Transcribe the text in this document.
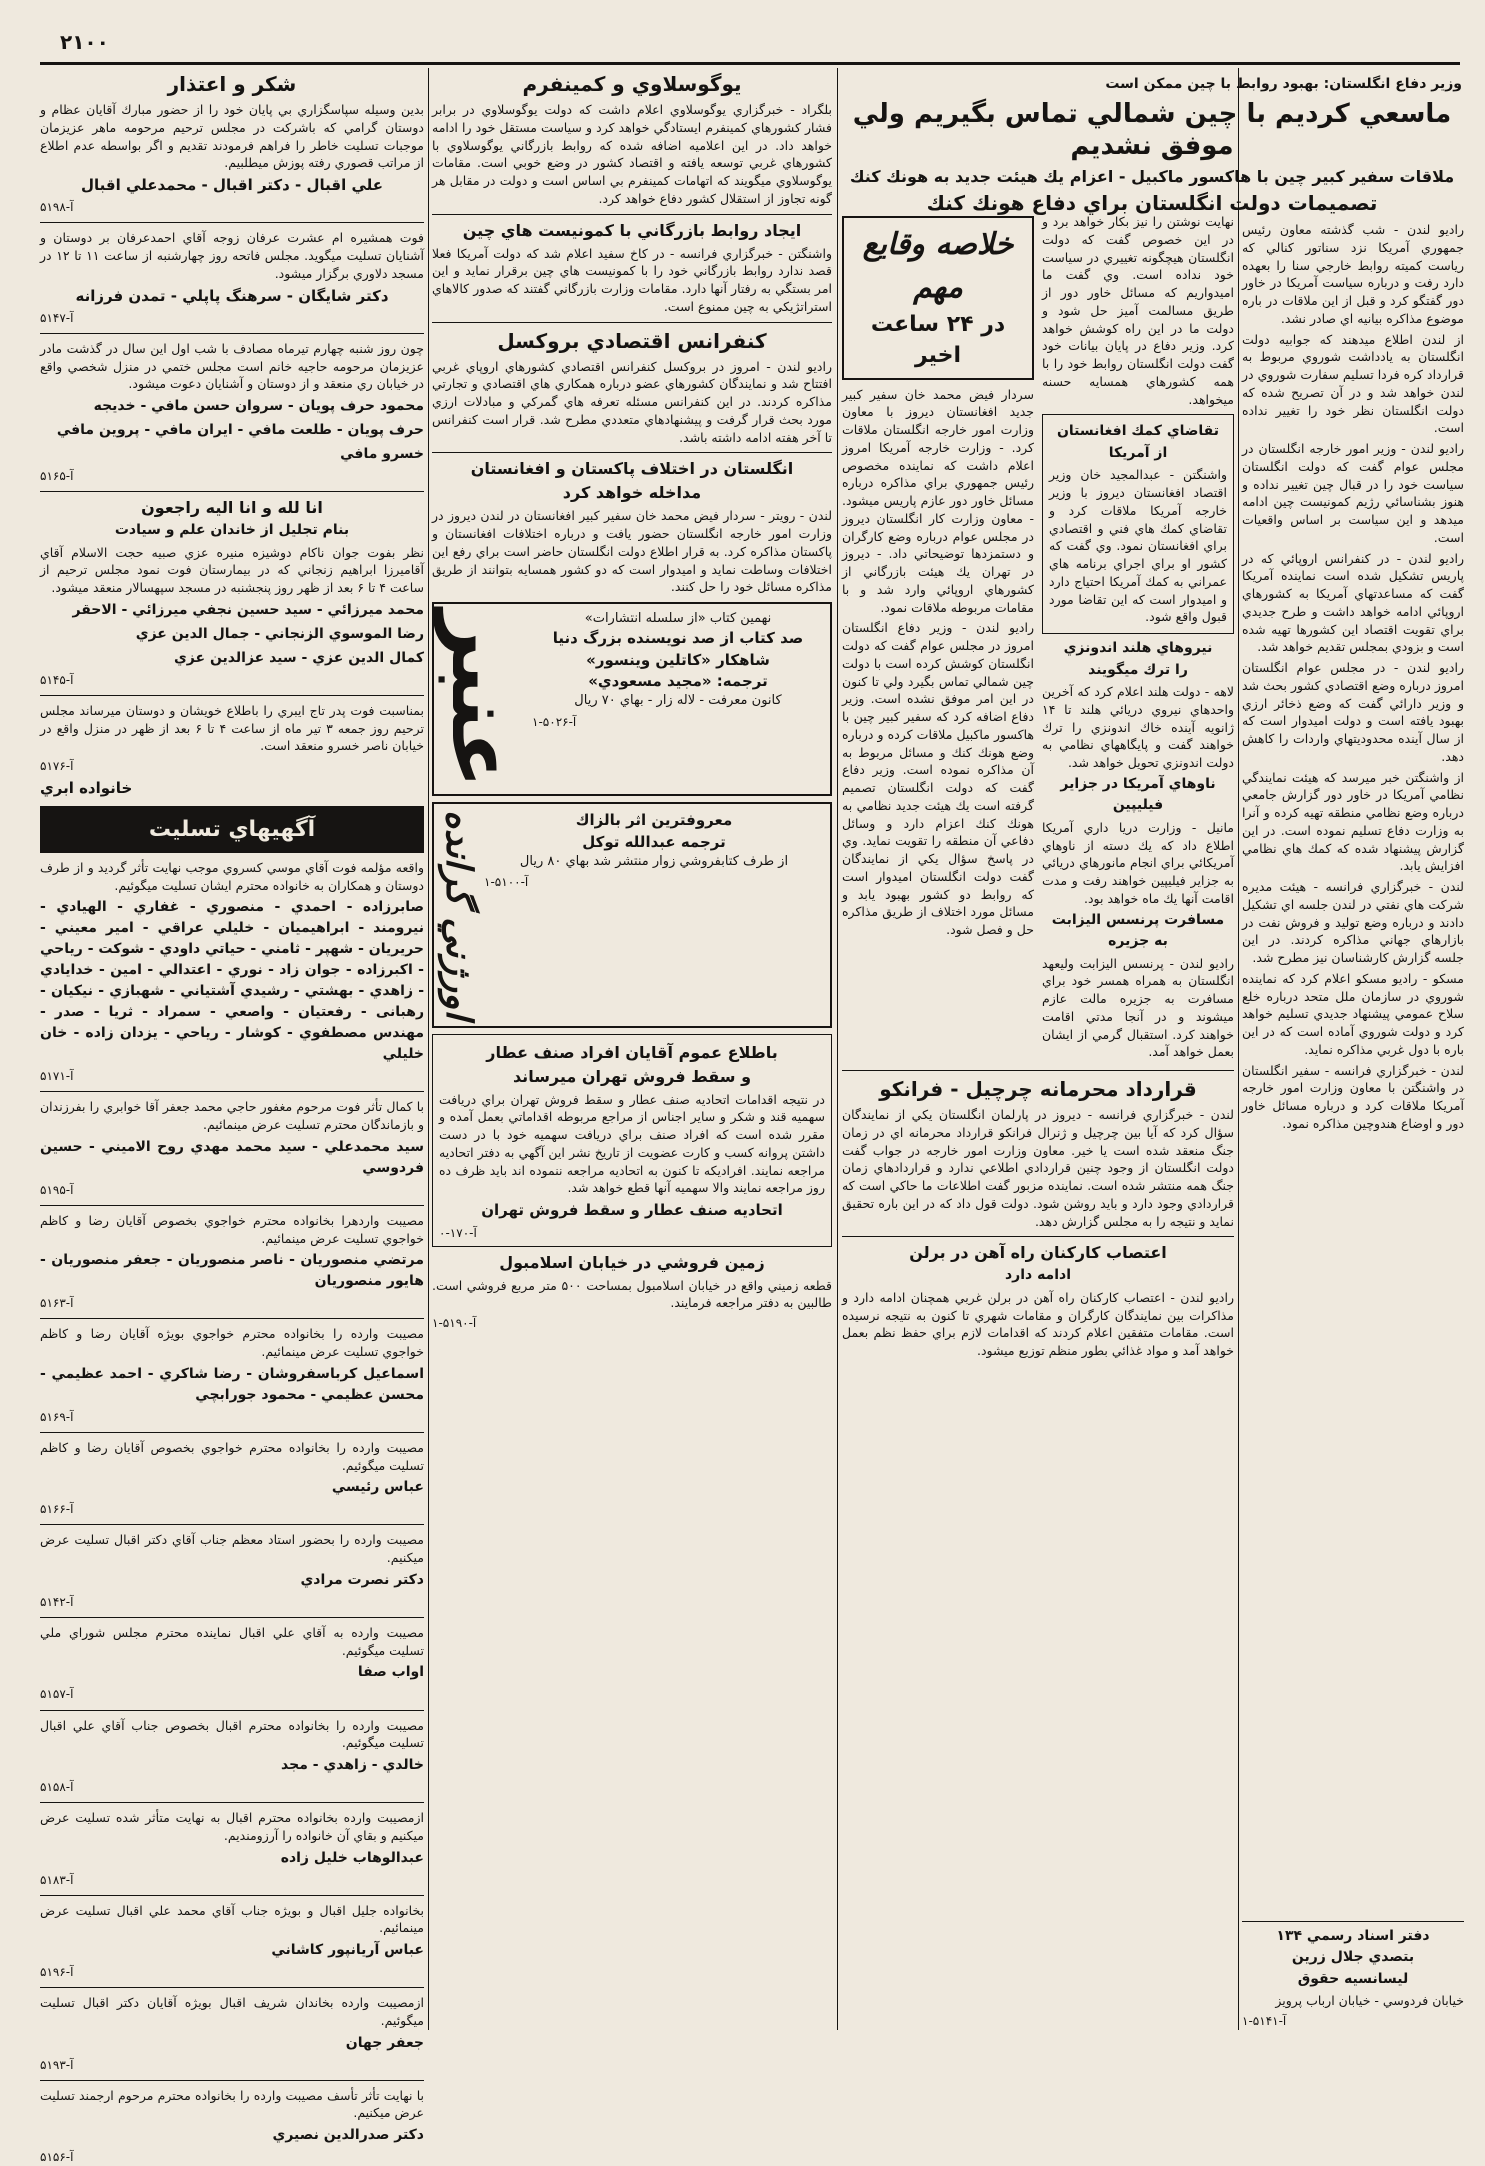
۲۱۰۰

راديو لندن - شب گذشته معاون رئيس جمهوري آمريكا نزد سناتور كنالي كه رياست كميته روابط خارجي سنا را بعهده دارد رفت و درباره سياست آمريكا در خاور دور گفتگو كرد و قبل از اين ملاقات در باره موضوع مذاكره بيانيه اي صادر نشد.

از لندن اطلاع ميدهند كه جوابيه دولت انگلستان به يادداشت شوروي مربوط به قرارداد كره فردا تسليم سفارت شوروي در لندن خواهد شد و در آن تصريح شده كه دولت انگلستان نظر خود را تغيير نداده است.

راديو لندن - وزير امور خارجه انگلستان در مجلس عوام گفت كه دولت انگلستان سياست خود را در قبال چين تغيير نداده و هنوز بشناسائي رژيم كمونيست چين ادامه ميدهد و اين سياست بر اساس واقعيات است.

راديو لندن - در كنفرانس اروپائي كه در پاريس تشكيل شده است نماينده آمريكا گفت كه مساعدتهاي آمريكا به كشورهاي اروپائي ادامه خواهد داشت و طرح جديدي براي تقويت اقتصاد اين كشورها تهيه شده است و بزودي بمجلس تقديم خواهد شد.

راديو لندن - در مجلس عوام انگلستان امروز درباره وضع اقتصادي كشور بحث شد و وزير دارائي گفت كه وضع ذخائر ارزي بهبود يافته است و دولت اميدوار است كه از سال آينده محدوديتهاي واردات را كاهش دهد.

از واشنگتن خبر ميرسد كه هيئت نمايندگي نظامي آمريكا در خاور دور گزارش جامعي درباره وضع نظامي منطقه تهيه كرده و آنرا به وزارت دفاع تسليم نموده است. در اين گزارش پيشنهاد شده كه كمك هاي نظامي افزايش يابد.

لندن - خبرگزاري فرانسه - هيئت مديره شركت هاي نفتي در لندن جلسه اي تشكيل دادند و درباره وضع توليد و فروش نفت در بازارهاي جهاني مذاكره كردند. در اين جلسه گزارش كارشناسان نيز مطرح شد.

مسكو - راديو مسكو اعلام كرد كه نماينده شوروي در سازمان ملل متحد درباره خلع سلاح عمومي پيشنهاد جديدي تسليم خواهد كرد و دولت شوروي آماده است كه در اين باره با دول غربي مذاكره نمايد.

لندن - خبرگزاري فرانسه - سفير انگلستان در واشنگتن با معاون وزارت امور خارجه آمريكا ملاقات كرد و درباره مسائل خاور دور و اوضاع هندوچين مذاكره نمود.

دفتر اسناد رسمي ۱۳۴
بتصدي جلال زرين
ليسانسيه حقوق
خيابان فردوسي - خيابان ارباب پرويز
آ-۵۱۴۱-۱
وزير دفاع انگلستان: بهبود روابط با چين ممكن است
ماسعي كرديم با چين شمالي تماس بگيريم ولي موفق نشديم
ملاقات سفير كبير چين با هاكسور ماكبيل - اعزام يك هيئت جديد به هونك كنك
تصميمات دولت انگلستان براي دفاع هونك كنك

نهايت نوشتن را نيز بكار خواهد برد و در اين خصوص گفت كه دولت انگلستان هيچگونه تغييري در سياست خود نداده است. وي گفت ما اميدواريم كه مسائل خاور دور از طريق مسالمت آميز حل شود و دولت ما در اين راه كوشش خواهد كرد. وزير دفاع در پايان بيانات خود گفت دولت انگلستان روابط خود را با همه كشورهاي همسايه حسنه ميخواهد.

تقاضاي كمك افغانستان
از آمريكا

واشنگتن - عبدالمجيد خان وزير اقتصاد افغانستان ديروز با وزير خارجه آمريكا ملاقات كرد و تقاضاي كمك هاي فني و اقتصادي براي افغانستان نمود. وي گفت كه كشور او براي اجراي برنامه هاي عمراني به كمك آمريكا احتياج دارد و اميدوار است كه اين تقاضا مورد قبول واقع شود.

نيروهاي هلند اندونزي
را ترك ميگويند

لاهه - دولت هلند اعلام كرد كه آخرين واحدهاي نيروي دريائي هلند تا ۱۴ ژانويه آينده خاك اندونزي را ترك خواهند گفت و پايگاههاي نظامي به دولت اندونزي تحويل خواهد شد.

ناوهاي آمريكا در جزاير
فيليپين

مانيل - وزارت دريا داري آمريكا اطلاع داد كه يك دسته از ناوهاي آمريكائي براي انجام مانورهاي دريائي به جزاير فيليپين خواهند رفت و مدت اقامت آنها يك ماه خواهد بود.

مسافرت پرنسس اليزابت
به جزيره

راديو لندن - پرنسس اليزابت وليعهد انگلستان به همراه همسر خود براي مسافرت به جزيره مالت عازم ميشوند و در آنجا مدتي اقامت خواهند كرد. استقبال گرمي از ايشان بعمل خواهد آمد.

خلاصه وقايع مهم
در ۲۴ ساعت اخير

سردار فيض محمد خان سفير كبير جديد افغانستان ديروز با معاون وزارت امور خارجه انگلستان ملاقات كرد. - وزارت خارجه آمريكا امروز اعلام داشت كه نماينده مخصوص رئيس جمهوري براي مذاكره درباره مسائل خاور دور عازم پاريس ميشود. - معاون وزارت كار انگلستان ديروز در مجلس عوام درباره وضع كارگران و دستمزدها توضيحاتي داد. - ديروز در تهران يك هيئت بازرگاني از كشورهاي اروپائي وارد شد و با مقامات مربوطه ملاقات نمود.

راديو لندن - وزير دفاع انگلستان امروز در مجلس عوام گفت كه دولت انگلستان كوشش كرده است با دولت چين شمالي تماس بگيرد ولي تا كنون در اين امر موفق نشده است. وزير دفاع اضافه كرد كه سفير كبير چين با هاكسور ماكبيل ملاقات كرده و درباره وضع هونك كنك و مسائل مربوط به آن مذاكره نموده است. وزير دفاع گفت كه دولت انگلستان تصميم گرفته است يك هيئت جديد نظامي به هونك كنك اعزام دارد و وسائل دفاعي آن منطقه را تقويت نمايد. وي در پاسخ سؤال يكي از نمايندگان گفت دولت انگلستان اميدوار است كه روابط دو كشور بهبود يابد و مسائل مورد اختلاف از طريق مذاكره حل و فصل شود.

قرارداد محرمانه چرچيل - فرانكو

لندن - خبرگزاري فرانسه - ديروز در پارلمان انگلستان يكي از نمايندگان سؤال كرد كه آيا بين چرچيل و ژنرال فرانكو قرارداد محرمانه اي در زمان جنگ منعقد شده است يا خير. معاون وزارت امور خارجه در جواب گفت دولت انگلستان از وجود چنين قراردادي اطلاعي ندارد و قراردادهاي زمان جنگ همه منتشر شده است. نماينده مزبور گفت اطلاعات ما حاكي است كه قراردادي وجود دارد و بايد روشن شود. دولت قول داد كه در اين باره تحقيق نمايد و نتيجه را به مجلس گزارش دهد.

اعتصاب كاركنان راه آهن در برلن
ادامه دارد

راديو لندن - اعتصاب كاركنان راه آهن در برلن غربي همچنان ادامه دارد و مذاكرات بين نمايندگان كارگران و مقامات شهري تا كنون به نتيجه نرسيده است. مقامات متفقين اعلام كردند كه اقدامات لازم براي حفظ نظم بعمل خواهد آمد و مواد غذائي بطور منظم توزيع ميشود.

يوگوسلاوي و كمينفرم

بلگراد - خبرگزاري يوگوسلاوي اعلام داشت كه دولت يوگوسلاوي در برابر فشار كشورهاي كمينفرم ايستادگي خواهد كرد و سياست مستقل خود را ادامه خواهد داد. در اين اعلاميه اضافه شده كه روابط بازرگاني يوگوسلاوي با كشورهاي غربي توسعه يافته و اقتصاد كشور در وضع خوبي است. مقامات يوگوسلاوي ميگويند كه اتهامات كمينفرم بي اساس است و دولت در مقابل هر گونه تجاوز از استقلال كشور دفاع خواهد كرد.

ايجاد روابط بازرگاني با كمونيست هاي چين

واشنگتن - خبرگزاري فرانسه - در كاخ سفيد اعلام شد كه دولت آمريكا فعلا قصد ندارد روابط بازرگاني خود را با كمونيست هاي چين برقرار نمايد و اين امر بستگي به رفتار آنها دارد. مقامات وزارت بازرگاني گفتند كه صدور كالاهاي استراتژيكي به چين ممنوع است.

كنفرانس اقتصادي بروكسل

راديو لندن - امروز در بروكسل كنفرانس اقتصادي كشورهاي اروپاي غربي افتتاح شد و نمايندگان كشورهاي عضو درباره همكاري هاي اقتصادي و تجارتي مذاكره كردند. در اين كنفرانس مسئله تعرفه هاي گمركي و مبادلات ارزي مورد بحث قرار گرفت و پيشنهادهاي متعددي مطرح شد. قرار است كنفرانس تا آخر هفته ادامه داشته باشد.

انگلستان در اختلاف پاكستان و افغانستان
مداخله خواهد كرد

لندن - رويتر - سردار فيض محمد خان سفير كبير افغانستان در لندن ديروز در وزارت امور خارجه انگلستان حضور يافت و درباره اختلافات افغانستان و پاكستان مذاكره كرد. به قرار اطلاع دولت انگلستان حاضر است براي رفع اين اختلافات وساطت نمايد و اميدوار است كه دو كشور همسايه بتوانند از طريق مذاكره مسائل خود را حل كنند.

نهمين كتاب «از سلسله انتشارات»
صد كتاب از صد نويسنده بزرگ دنيا
شاهكار «كاتلين وينسور»
ترجمه: «مجيد مسعودي»
كانون معرفت - لاله زار - بهاي ۷۰ ريال
آ-۵۰۲۶-۱
عنبر
معروفترين اثر بالزاك
ترجمه عبدالله توكل
از طرف كتابفروشي زوار منتشر شد بهاي ۸۰ ريال
آ-۵۱۰۰-۱
اورژني گرانده
باطلاع عموم آقايان افراد صنف عطار
و سقط فروش تهران ميرساند

در نتيجه اقدامات اتحاديه صنف عطار و سقط فروش تهران براي دريافت سهميه قند و شكر و ساير اجناس از مراجع مربوطه اقداماتي بعمل آمده و مقرر شده است كه افراد صنف براي دريافت سهميه خود با در دست داشتن پروانه كسب و كارت عضويت از تاريخ نشر اين آگهي به دفتر اتحاديه مراجعه نمايند. افراديكه تا كنون به اتحاديه مراجعه ننموده اند بايد ظرف ده روز مراجعه نمايند والا سهميه آنها قطع خواهد شد.

اتحاديه صنف عطار و سقط فروش تهران
آ-۱۷۰-۰
زمين فروشي در خيابان اسلامبول

قطعه زميني واقع در خيابان اسلامبول بمساحت ۵۰۰ متر مربع فروشي است. طالبين به دفتر مراجعه فرمايند.

آ-۵۱۹۰-۱
شكر و اعتذار

بدين وسيله سپاسگزاري بي پايان خود را از حضور مبارك آقايان عظام و دوستان گرامي كه باشركت در مجلس ترحيم مرحومه ماهر عزيزمان موجبات تسليت خاطر را فراهم فرمودند تقديم و اگر بواسطه عدم اطلاع از مراتب قصوري رفته پوزش ميطلبيم.

علي اقبال - دكتر اقبال - محمدعلي اقبال
آ-۵۱۹۸

فوت همشيره ام عشرت عرفان زوجه آقاي احمدعرفان بر دوستان و آشنايان تسليت ميگويد. مجلس فاتحه روز چهارشنبه از ساعت ۱۱ تا ۱۲ در مسجد دلاوري برگزار ميشود.

دكتر شايگان - سرهنگ پاپلي - تمدن فرزانه
آ-۵۱۴۷

چون روز شنبه چهارم تيرماه مصادف با شب اول اين سال در گذشت مادر عزيزمان مرحومه حاجيه خانم است مجلس ختمي در منزل شخصي واقع در خيابان ري منعقد و از دوستان و آشنايان دعوت ميشود.

محمود حرف پويان - سروان حسن مافي - خديجه
حرف پويان - طلعت مافي - ايران مافي - پروين مافي
خسرو مافي
آ-۵۱۶۵
انا لله و انا اليه راجعون
بنام تجليل از خاندان علم و سيادت

نظر بفوت جوان ناكام دوشيزه منيره عزي صبيه حجت الاسلام آقاي آقاميرزا ابراهيم زنجاني كه در بيمارستان فوت نمود مجلس ترحيم از ساعت ۴ تا ۶ بعد از ظهر روز پنجشنبه در مسجد سپهسالار منعقد ميشود.

محمد ميرزائي - سيد حسين نجفي ميرزائي - الاحقر
رضا الموسوي الزنجاني - جمال الدين عزي
كمال الدين عزي - سيد عزالدين عزي
آ-۵۱۴۵

بمناسبت فوت پدر تاج ايبري را باطلاع خويشان و دوستان ميرساند مجلس ترحيم روز جمعه ۳ تير ماه از ساعت ۴ تا ۶ بعد از ظهر در منزل واقع در خيابان ناصر خسرو منعقد است.

آ-۵۱۷۶
خانواده ابري
آگهيهاي تسليت

واقعه مؤلمه فوت آقاي موسي كسروي موجب نهايت تأثر گرديد و از طرف دوستان و همكاران به خانواده محترم ايشان تسليت ميگوئيم.

صابرزاده - احمدي - منصوري - غفاري - الهيادي - نيرومند - ابراهيميان - خليلي عراقي - امير معيني - حريريان - شهپر - ثامني - حياتي داودي - شوكت - رياحي - اكبرزاده - جوان زاد - نوري - اعتدالي - امين - خدايادي - زاهدي - بهشتي - رشيدي آشتياني - شهبازي - نيكيان - رهبانی - رفعتيان - واصعي - سمراد - ثريا - صدر - مهندس مصطفوي - كوشار - رياحي - يزدان زاده - خان خليلي
آ-۵۱۷۱

با كمال تأثر فوت مرحوم مغفور حاجي محمد جعفر آقا خوابري را بفرزندان و بازماندگان محترم تسليت عرض مينمائيم.

سيد محمدعلي - سيد محمد مهدي روح الاميني - حسين فردوسي
آ-۵۱۹۵

مصيبت واردهرا بخانواده محترم خواجوي بخصوص آقايان رضا و كاظم خواجوي تسليت عرض مينمائيم.

مرتضي منصوريان - ناصر منصوريان - جعفر منصوريان - هايور منصوريان
آ-۵۱۶۳

مصيبت وارده را بخانواده محترم خواجوي بويژه آقايان رضا و كاظم خواجوي تسليت عرض مينمائيم.

اسماعيل كرباسفروشان - رضا شاكري - احمد عظيمي - محسن عظيمي - محمود جورابچي
آ-۵۱۶۹

مصيبت وارده را بخانواده محترم خواجوي بخصوص آقايان رضا و كاظم تسليت ميگوئيم.

عباس رئيسي
آ-۵۱۶۶

مصيبت وارده را بحضور استاد معظم جناب آقاي دكتر اقبال تسليت عرض ميكنيم.

دكتر نصرت مرادي
آ-۵۱۴۲

مصيبت وارده به آقاي علي اقبال نماينده محترم مجلس شوراي ملي تسليت ميگوئيم.

اواب صفا
آ-۵۱۵۷

مصيبت وارده را بخانواده محترم اقبال بخصوص جناب آقاي علي اقبال تسليت ميگوئيم.

خالدي - زاهدي - مجد
آ-۵۱۵۸

ازمصيبت وارده بخانواده محترم اقبال به نهايت متأثر شده تسليت عرض ميكنيم و بقاي آن خانواده را آرزومنديم.

عبدالوهاب خليل زاده
آ-۵۱۸۳

بخانواده جليل اقبال و بويژه جناب آقاي محمد علي اقبال تسليت عرض مينمائيم.

عباس آريانپور كاشاني
آ-۵۱۹۶

ازمصيبت وارده بخاندان شريف اقبال بويژه آقايان دكتر اقبال تسليت ميگوئيم.

جعفر جهان
آ-۵۱۹۳

با نهايت تأثر تأسف مصيبت وارده را بخانواده محترم مرحوم ارجمند تسليت عرض ميكنيم.

دكتر صدرالدين نصيري
آ-۵۱۵۶
